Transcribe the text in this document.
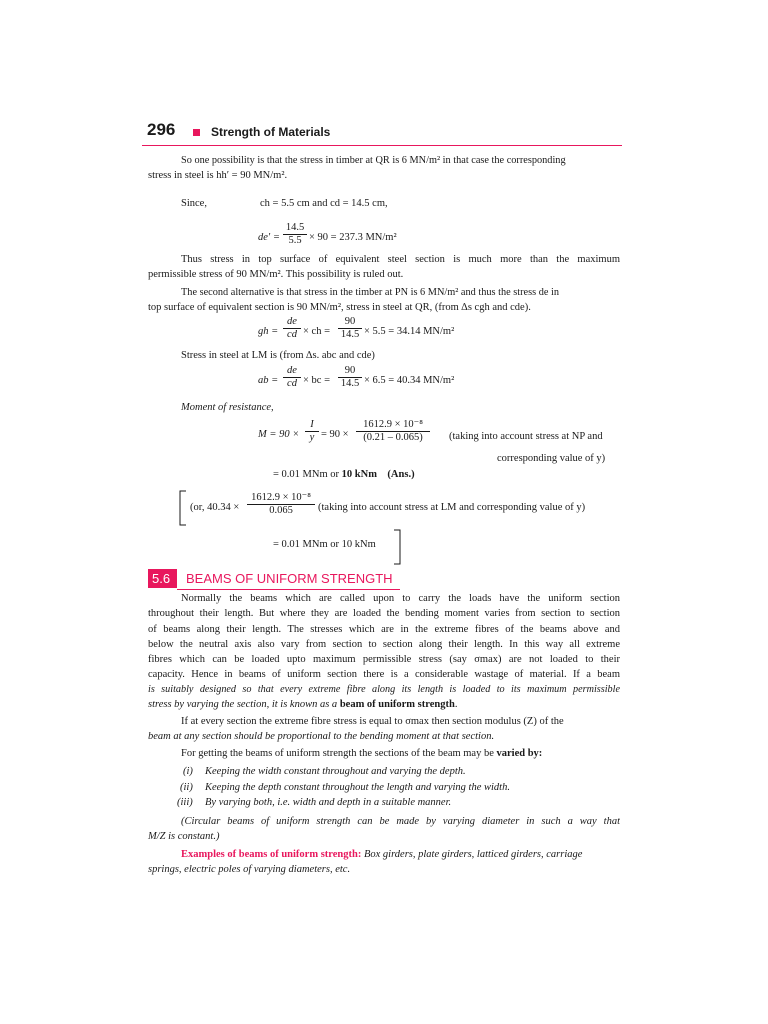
296	Strength of Materials
So one possibility is that the stress in timber at QR is 6 MN/m² in that case the corresponding
stress in steel is hh′ = 90 MN/m².
Since,	ch = 5.5 cm and cd = 14.5 cm,
$de' = \frac{14.5}{5.5} \times 90 = 237.3$ MN/m²
Thus stress in top surface of equivalent steel section is much more than the maximum
permissible stress of 90 MN/m². This possibility is ruled out.
The second alternative is that stress in the timber at PN is 6 MN/m² and thus the stress de in
top surface of equivalent section is 90 MN/m², stress in steel at QR, (from ∆s cgh and cde).
gh = $\frac{de}{cd}$ × ch = $\frac{90}{14.5} \times 5.5 = 34.14$ MN/m²
Stress in steel at LM is (from ∆s. abc and cde)
ab = $\frac{de}{cd}$ × bc = $\frac{90}{14.5} \times 6.5 = 40.34$ MN/m²
Moment of resistance,
$M = 90 \times \frac{I}{y} = 90 \times \frac{\text{1612.9 × 10⁻⁸}}{(0.21 - 0.065)}$ (taking into account stress at NP and
corresponding value of y)
= 0.01 MNm or 10 kNm    (Ans.)
(or, $40.34 \times \frac{\text{1612.9 × 10⁻⁸}}{0.065}$ (taking into account stress at LM and corresponding value of y)
= 0.01 MNm or 10 kNm
5.6 BEAMS OF UNIFORM STRENGTH
Normally the beams which are called upon to carry the loads have the uniform section
throughout their length. But where they are loaded the bending moment varies from section to section
of beams along their length. The stresses which are in the extreme fibres of the beams above and
below the neutral axis also vary from section to section along their length. In this way all extreme
fibres which can be loaded upto maximum permissible stress (say σmax) are not loaded to their
capacity. Hence in beams of uniform section there is a considerable wastage of material. If a beam
is suitably designed so that every extreme fibre along its length is loaded to its maximum permissible
stress by varying the section, it is known as a beam of uniform strength.
If at every section the extreme fibre stress is equal to σmax then section modulus (Z) of the
beam at any section should be proportional to the bending moment at that section.
For getting the beams of uniform strength the sections of the beam may be varied by:
(i) Keeping the width constant throughout and varying the depth.
(ii) Keeping the depth constant throughout the length and varying the width.
(iii) By varying both, i.e. width and depth in a suitable manner.
(Circular beams of uniform strength can be made by varying diameter in such a way that
M/Z is constant.)
Examples of beams of uniform strength: Box girders, plate girders, latticed girders, carriage
springs, electric poles of varying diameters, etc.
